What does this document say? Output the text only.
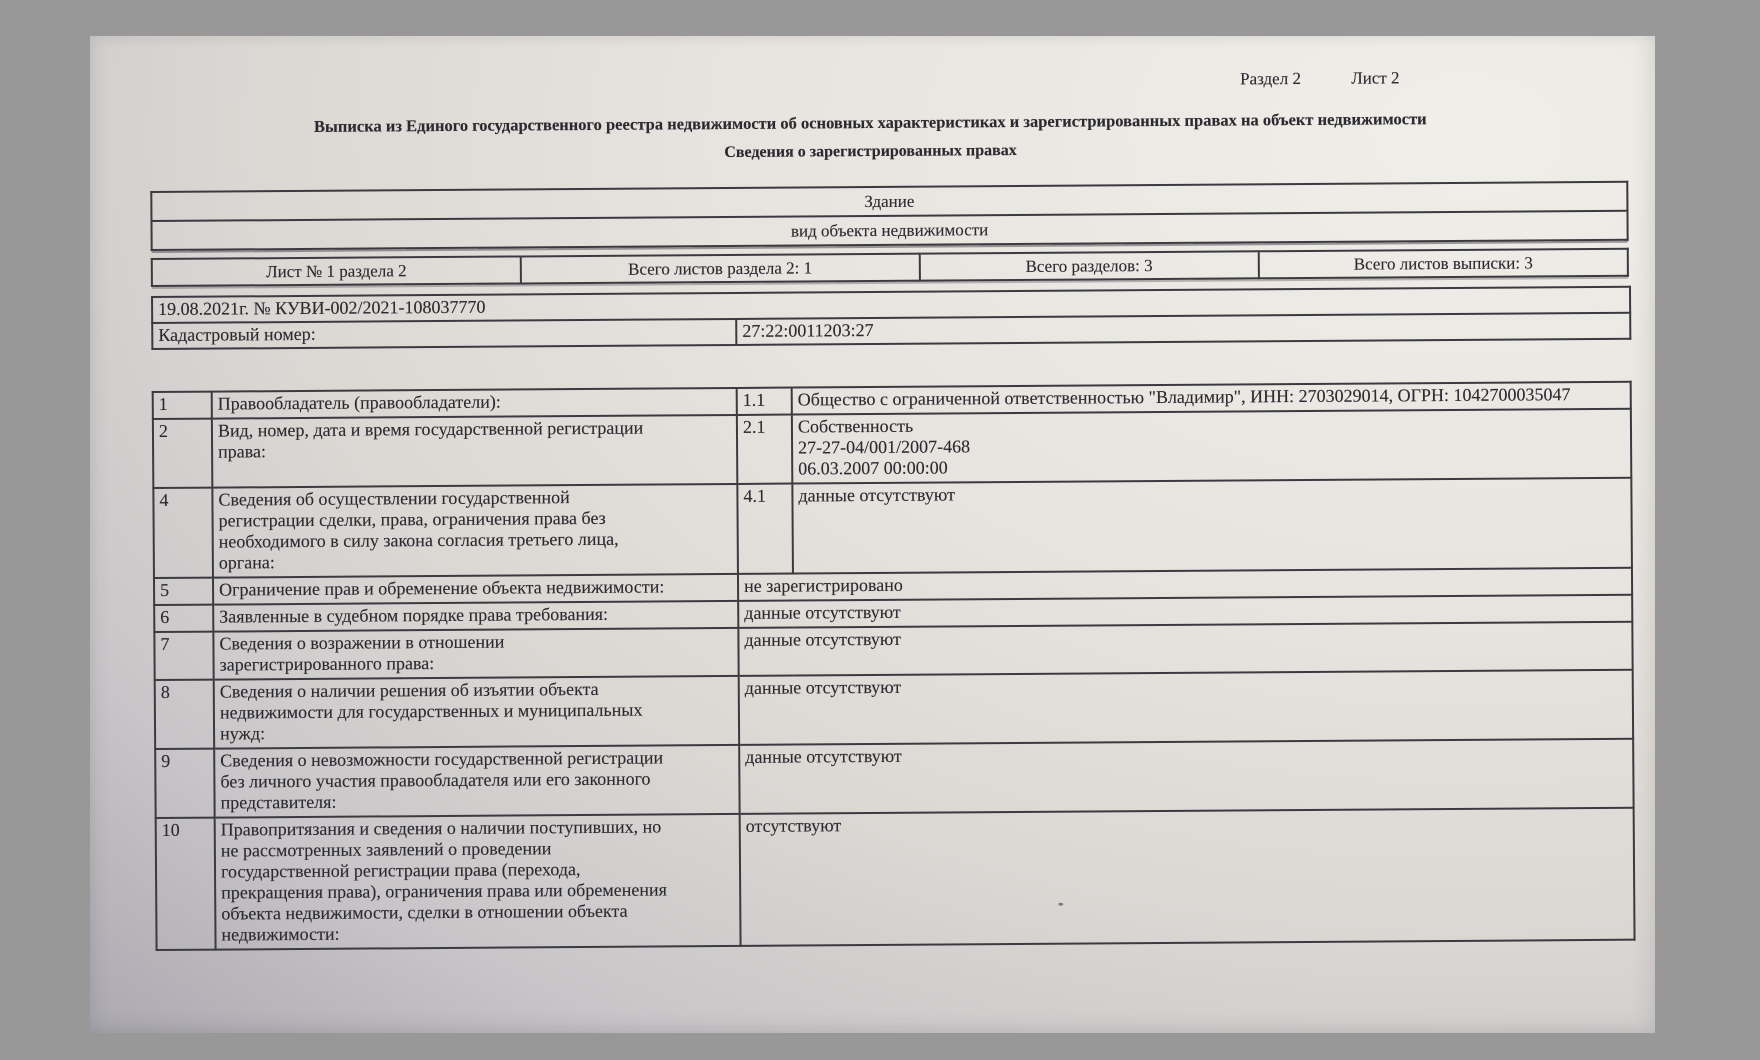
Раздел 2	Лист 2
Выписка из Единого государственного реестра недвижимости об основных характеристиках и зарегистрированных правах на объект недвижимости
Сведения о зарегистрированных правах
Здание
вид объекта недвижимости
Лист № 1 раздела 2	Всего листов раздела 2: 1	Всего разделов: 3	Всего листов выписки: 3
19.08.2021г. № КУВИ-002/2021-108037770
Кадастровый номер:	27:22:0011203:27
1	Правообладатель (правообладатели):	1.1	Общество с ограниченной ответственностью "Владимир", ИНН: 2703029014, ОГРН: 1042700035047
2	Вид, номер, дата и время государственной регистрации
права:	2.1	Собственность
27-27-04/001/2007-468
06.03.2007 00:00:00
4	Сведения об осуществлении государственной
регистрации сделки, права, ограничения права без
необходимого в силу закона согласия третьего лица,
органа:	4.1	данные отсутствуют
5	Ограничение прав и обременение объекта недвижимости:	не зарегистрировано	
6	Заявленные в судебном порядке права требования:	данные отсутствуют	
7	Сведения о возражении в отношении
зарегистрированного права:	данные отсутствуют	
8	Сведения о наличии решения об изъятии объекта
недвижимости для государственных и муниципальных
нужд:	данные отсутствуют	
9	Сведения о невозможности государственной регистрации
без личного участия правообладателя или его законного
представителя:	данные отсутствуют	
10	Правопритязания и сведения о наличии поступивших, но
не рассмотренных заявлений о проведении
государственной регистрации права (перехода,
прекращения права), ограничения права или обременения
объекта недвижимости, сделки в отношении объекта
недвижимости:	отсутствуют
